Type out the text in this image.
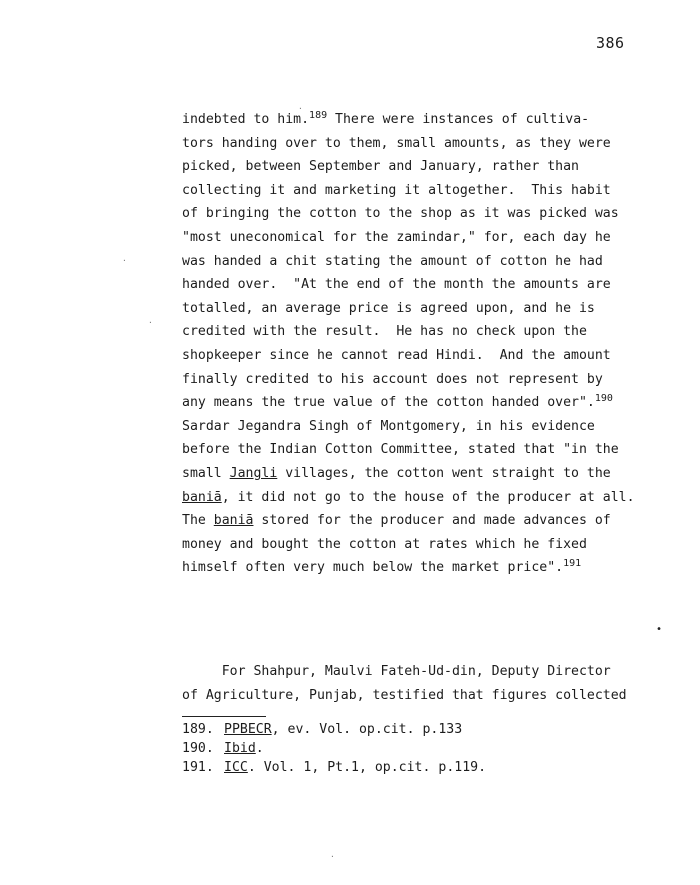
386
indebted to him.$^{189}$ There were instances of cultiva-
tors handing over to them, small amounts, as they were
picked, between September and January, rather than
collecting it and marketing it altogether.  This habit
of bringing the cotton to the shop as it was picked was
"most uneconomical for the zamindar," for, each day he
was handed a chit stating the amount of cotton he had
handed over.  "At the end of the month the amounts are
totalled, an average price is agreed upon, and he is
credited with the result.  He has no check upon the
shopkeeper since he cannot read Hindi.  And the amount
finally credited to his account does not represent by
any means the true value of the cotton handed over".$^{190}$
Sardar Jegandra Singh of Montgomery, in his evidence
before the Indian Cotton Committee, stated that "in the
small Jangli villages, the cotton went straight to the
baniā, it did not go to the house of the producer at all.
The baniā stored for the producer and made advances of
money and bought the cotton at rates which he fixed
himself often very much below the market price".$^{191}$
For Shahpur, Maulvi Fateh-Ud-din, Deputy Director
of Agriculture, Punjab, testified that figures collected
189. PPBECR, ev. Vol. op.cit. p.133
190. Ibid.
191. ICC. Vol. 1, Pt.1, op.cit. p.119.
·
·
·
•
·
